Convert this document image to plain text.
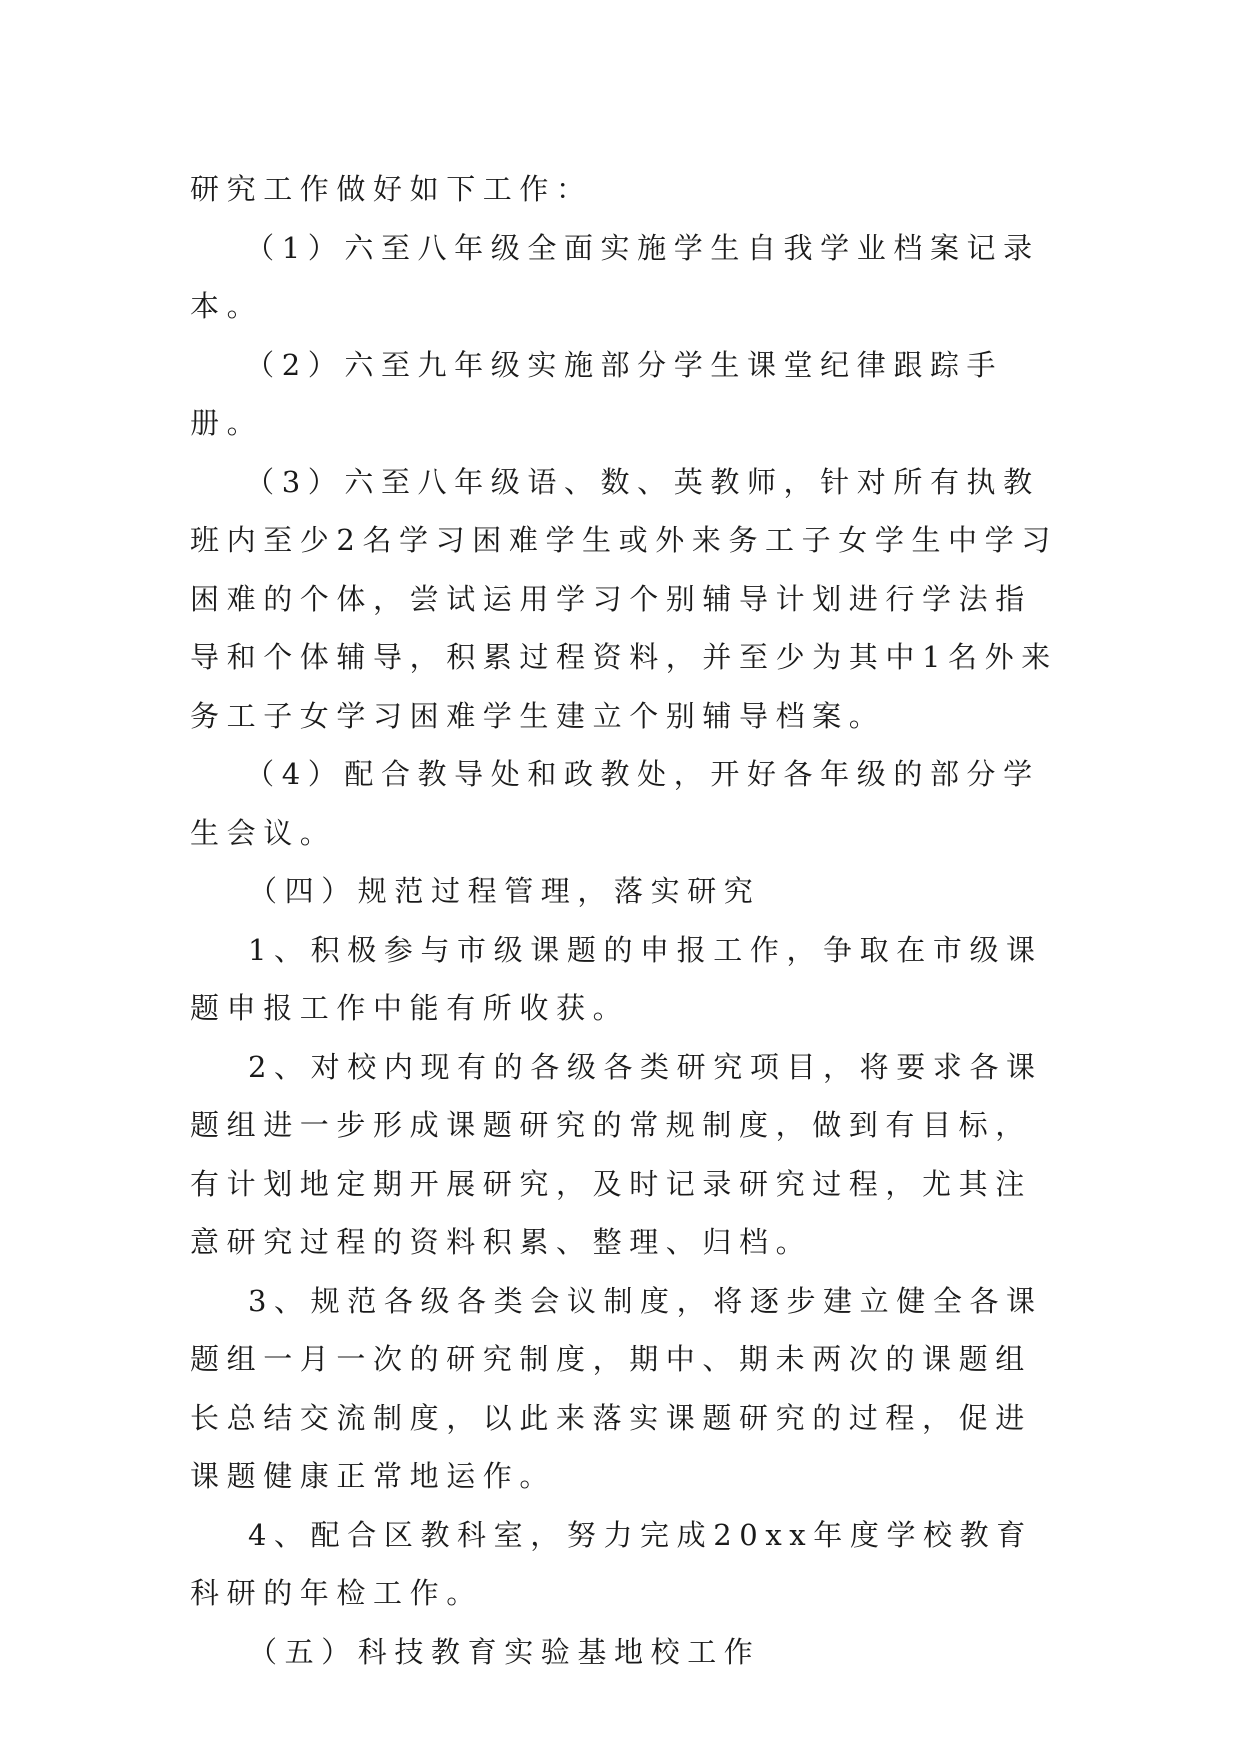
研究工作做好如下工作：

（1）六至八年级全面实施学生自我学业档案记录本。

（2）六至九年级实施部分学生课堂纪律跟踪手册。

（3）六至八年级语、数、英教师，针对所有执教班内至少2名学习困难学生或外来务工子女学生中学习困难的个体，尝试运用学习个别辅导计划进行学法指导和个体辅导，积累过程资料，并至少为其中1名外来务工子女学习困难学生建立个别辅导档案。

（4）配合教导处和政教处，开好各年级的部分学生会议。

（四）规范过程管理，落实研究

1、积极参与市级课题的申报工作，争取在市级课题申报工作中能有所收获。

2、对校内现有的各级各类研究项目，将要求各课题组进一步形成课题研究的常规制度，做到有目标，有计划地定期开展研究，及时记录研究过程，尤其注意研究过程的资料积累、整理、归档。

3、规范各级各类会议制度，将逐步建立健全各课题组一月一次的研究制度，期中、期未两次的课题组长总结交流制度，以此来落实课题研究的过程，促进课题健康正常地运作。

4、配合区教科室，努力完成20xx年度学校教育科研的年检工作。

（五）科技教育实验基地校工作
